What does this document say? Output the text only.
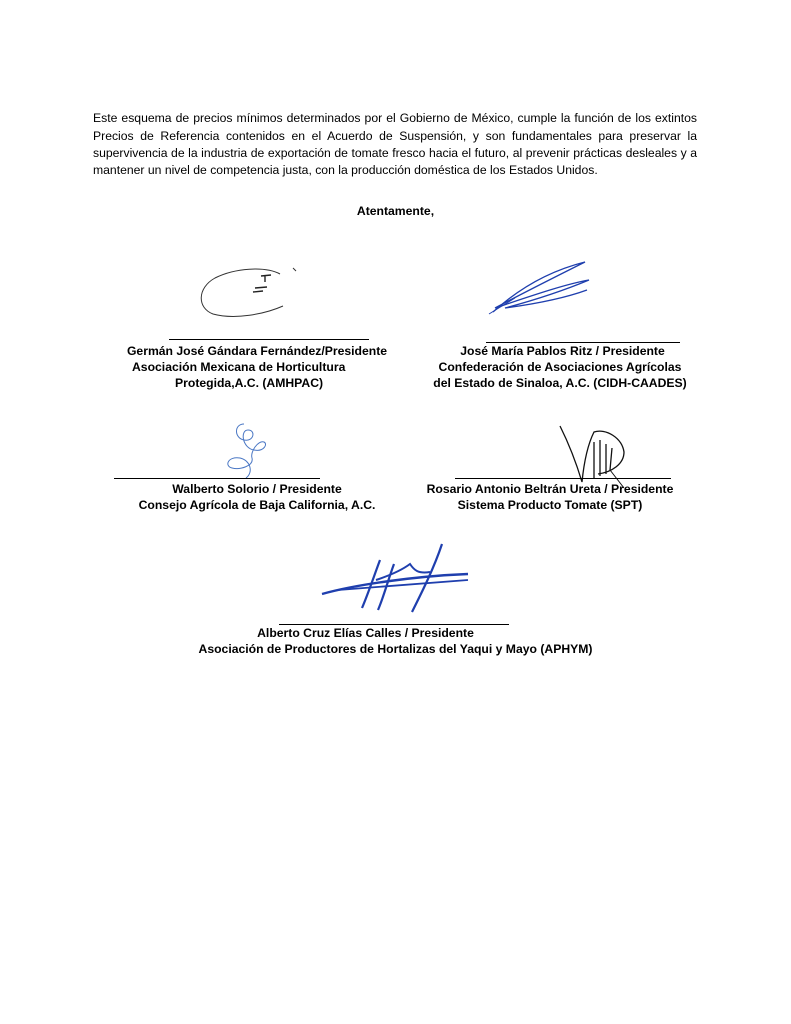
Este esquema de precios mínimos determinados por el Gobierno de México, cumple la función de los extintos Precios de Referencia contenidos en el Acuerdo de Suspensión, y son fundamentales para preservar la supervivencia de la industria de exportación de tomate fresco hacia el futuro, al prevenir prácticas desleales y a mantener un nivel de competencia justa, con la producción doméstica de los Estados Unidos.

Atentamente,
Germán José Gándara Fernández/Presidente
Asociación Mexicana de Horticultura
Protegida,A.C. (AMHPAC)
José María Pablos Ritz / Presidente
Confederación de Asociaciones Agrícolas
del Estado de Sinaloa, A.C. (CIDH-CAADES)
Walberto Solorio / Presidente
Consejo Agrícola de Baja California, A.C.
Rosario Antonio Beltrán Ureta / Presidente
Sistema Producto Tomate (SPT)
Alberto Cruz Elías Calles / Presidente
Asociación de Productores de Hortalizas del Yaqui y Mayo (APHYM)
